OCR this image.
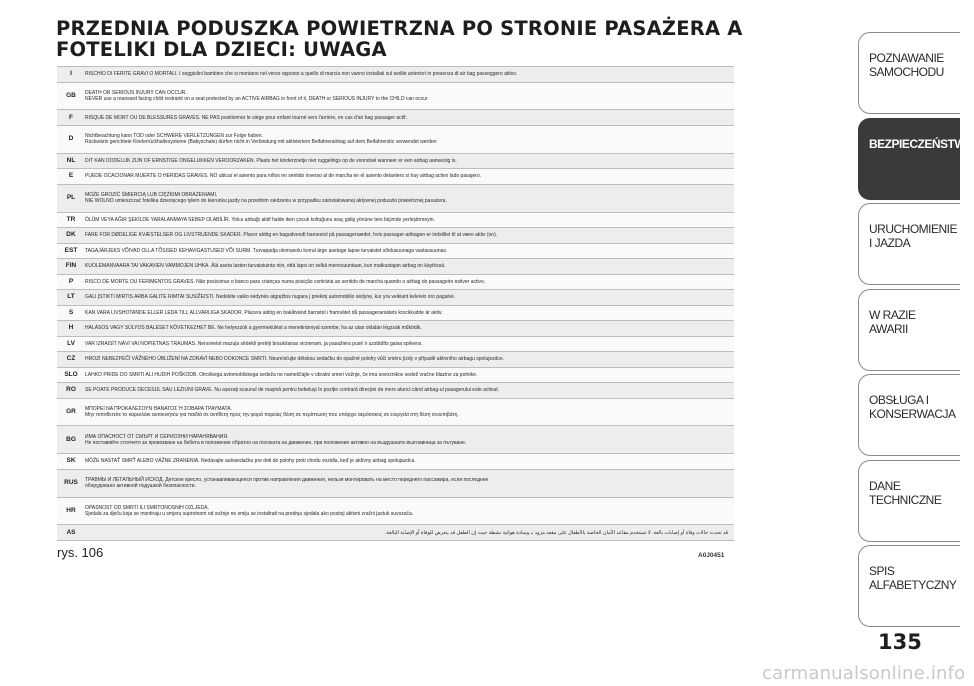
PRZEDNIA PODUSZKA POWIETRZNA PO STRONIE PASAŻERA A FOTELIKI DLA DZIECI: UWAGA
I	RISCHIO DI FERITE GRAVI O MORTALI. I seggiolini bambino che si montano nel verso opposto a quello di marcia non vanno installati sul sedile anteriori in presenza di air bag passeggero attivo.
GB	DEATH OR SERIOUS INJURY CAN OCCUR.
NEVER use a rearward facing child restraint on a seat protected by an ACTIVE AIRBAG in front of it, DEATH or SERIOUS INJURY to the CHILD can occur
F	RISQUE DE MORT OU DE BLESSURES GRAVES. NE PAS positionner le siège pour enfant tourné vers l'arrière, en cas d'air bag passager actif.
D	Nichtbeachtung kann TOD oder SCHWERE VERLETZUNGEN zur Folge haben.
Rückwärts gerichtete Kinderrückhaltesysteme (Babyschale) dürfen nicht in Verbindung mit aktiviertem Beifahrerairbag auf dem Beifahrersitz verwendet werden
NL	DIT KAN DODELIJK ZIJN OF ERNSTIGE ONGELUKKEN VEROORZAKEN. Plaats het kinderzoetje niet ruggelings op de voorstoel wanneer er een airbag aanwezig is.
E	PUEDE OCACIONAR MUERTE O HERIDAS GRAVES. NO ubicar el asiento para niños en sentido inverso al de marcha en el asiento delantero si hay airbag activo lado pasajero.
PL	MOŻE GROZIĆ ŚMIERCIĄ LUB CIĘŻKIMI OBRAŻENIAMI.
NIE WOLNO umieszczać fotelika dziecięcego tyłem do kierunku jazdy na przednim siedzeniu w przypadku zainstalowanej aktywnej poduszki powietrznej pasażera.
TR	ÖLÜM VEYA AĞIR ŞEKİLDE YARALANMAYA SEBEP OLABİLİR. Yolcu airbağı aktif halde iken çocuk koltuğunu araç gidiş yönüne ters biçimde yerleştirmeyin.
DK	FARE FOR DØDELIGE KVÆSTELSER OG LIVSTRUENDE SKADER. Placer aldrig en bagudvendt barnestol på passagersædet, hvis passager-airbagen er indstillet til at være aktiv (on).
EST	TAGAJÄRJEKS VÕIVAD OLLA TÕSISED KEHAVIGASTUSED VÕI SURM. Turvapadja olemasolu korral ärge asetage lapse turvaistet sõidusuunaga vastassuunas.
FIN	KUOLEMANVAARA TAI VAKAVIEN VAMMOJEN UHKA. Älä aseta lasten turvaistuinta niin, että lapsi on selkä menosuuntaan, kun matkustajan airbag on käytössä.
P	RISCO DE MORTE OU FERIMENTOS GRAVES. Não posicionar o banco para crianças numa posição contrária ao sentido de marcha quando o airbag do passageiro estiver activo.
LT	GALI ĮSTIKTI MIRTIS ARBA GALITE RIMTAI SUSIŽEISTI. Nedėkite vaiko sėdynės atgręžtos nugara į priekinį automobilio sėdynę, kur yra veikiant keleivio oro pagalvė.
S	KAN VARA LIVSHOTANDE ELLER LEDA TILL ALLVARLIGA SKADOR. Placera aldrig en bakåtvänd barnstol i framsätet då passagerarsätets krockkudde är aktiv.
H	HALÁSOS VAGY SÚLYOS BALESET KÖVETKEZHET BE. Ne helyezzük a gyermekülést a menetiránnyal szembe, ha az utas oldalán légzsák működik.
LV	VAR IZRAISĪT NĀVI VAI NOPIETNAS TRAUMAS. Nenovietot mazuļa sēdekli pretēji braukšanas virzienam, ja pasažiera pusē ir uzstādīts gaisa spilvens.
CZ	HROZÍ NEBEZPEČÍ VÁŽNÉHO ÚBLIŽENÍ NA ZDRAVÍ NEBO DOKONCE SMRTI. Neumísťujte dětskou sedačku do opačné polohy vůči směru jízdy v případě aktivního airbagu spolujezdce.
SLO	LAHKO PRIDE DO SMRTI ALI HUDIH POŠKODB. Otroškega avtomobilskega sedeža ne nameščajte v obratni smeri vožnje, če ima sovoznikov sedež vračne blazine za potnike.
RO	SE POATE PRODUCE DECESUL SAU LEZIUNI GRAVE. Nu așezați scaunul de mașină pentru bebeluși în poziție contrară direcției de mers atunci când airbag-ul pasagerului este activat.
GR	ΜΠΟΡΕΙ ΝΑ ΠΡΟΚΑΛΕΣΟΥΝ ΘΑΝΑΤΟΣ Ή ΣΟΒΑΡΑ ΤΡΑΥΜΑΤΑ.
Μην τοποθετείτε το καρεκλάκι αυτοκινήτου για παιδιά σε αντίθετη προς την φορά πορείας θέση σε περίπτωση που υπάρχει αερόσακος σε ενεργεία στη θέση συνεπιβάτη.
BG	ИМА ОПАСНОСТ ОТ СМЪРТ И СЕРИОЗНИ НАРАНЯВАНИЯ.
Не поставяйте столчето за превозване на бебета в положение обратно на посоката на движение, при положение активно на въздушната възглавница за пътуване.
SK	MÔŽE NASTAŤ SMRŤ ALEBO VÁŽNE ZRANENIA. Nedávajte autosedačku pre deti do polohy proti chodu vozidla, keď je aktívny airbag spolujazdca.
RUS	ТРАВМЫ И ЛЕТАЛЬНЫЙ ИСХОД. Детское кресло, устанавливающееся против направления движения, нельзя монтировать на место переднего пассажира, если последнее
оборудовано активной подушкой безопасности.
HR	OPASNOST OD SMRTI ILI SMRTONOSNIH OZLJEDA.
Sjedala za dječu koja se montiraju u smjeru suprotnom od vožnje ne smiju se instalirati na prednja sjedala ako postoji aktivni zračni jastuk suvozača.
AS	قد تحدث حالات وفاة أو إصابات بالغة. لا تستخدم مقاعد الأمان الخاصة بالأطفال على مقعد مزود بـ وسادة هوائية نشطة حيث إن الطفل قد يتعرض للوفاة أو الإصابة البالغة.
rys. 106	A0J0451
POZNAWANIE SAMOCHODU
BEZPIECZEŃSTWO
URUCHOMIENIE I JAZDA
W RAZIE AWARII
OBSŁUGA I KONSERWACJA
DANE TECHNICZNE
SPIS ALFABETYCZNY
135
carmanualsonline.info
